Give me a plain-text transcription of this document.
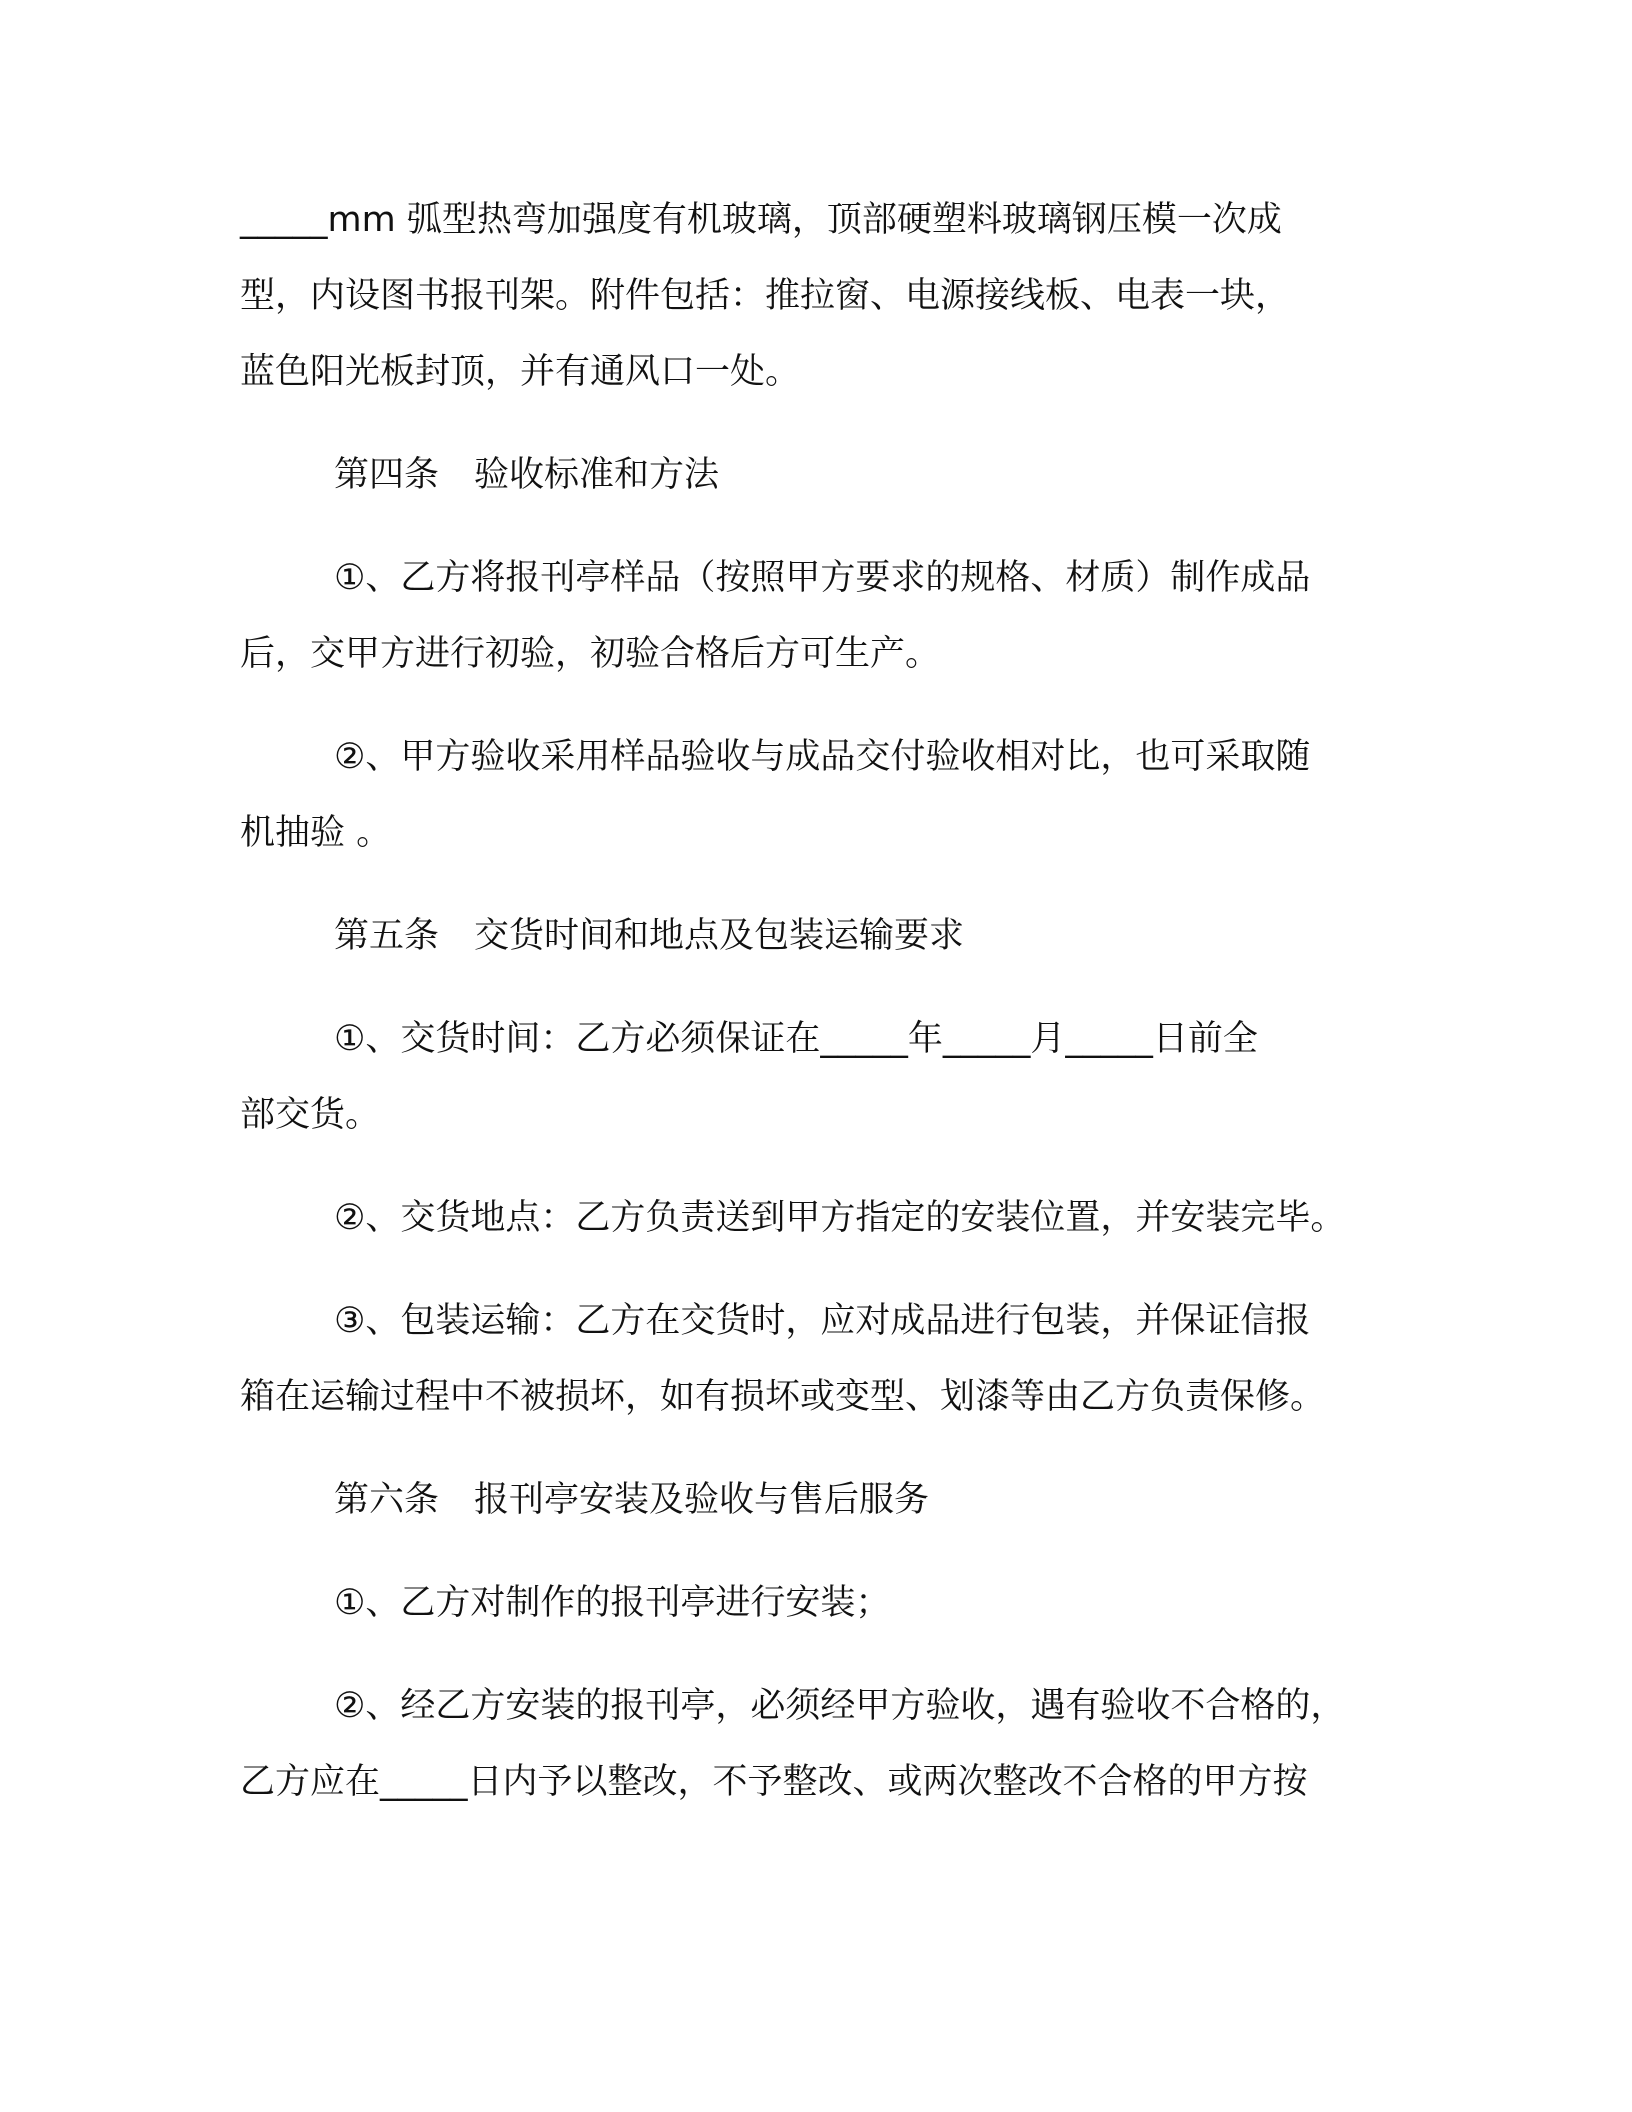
_____mm 弧型热弯加强度有机玻璃，顶部硬塑料玻璃钢压模一次成

型，内设图书报刊架。附件包括：推拉窗、电源接线板、电表一块，

蓝色阳光板封顶，并有通风口一处。

第四条　验收标准和方法

①、乙方将报刊亭样品（按照甲方要求的规格、材质）制作成品

后，交甲方进行初验，初验合格后方可生产。

②、甲方验收采用样品验收与成品交付验收相对比，也可采取随

机抽验 。

第五条　交货时间和地点及包装运输要求

①、交货时间：乙方必须保证在_____年_____月_____日前全

部交货。

②、交货地点：乙方负责送到甲方指定的安装位置，并安装完毕。

③、包装运输：乙方在交货时，应对成品进行包装，并保证信报

箱在运输过程中不被损坏，如有损坏或变型、划漆等由乙方负责保修。

第六条　报刊亭安装及验收与售后服务

①、乙方对制作的报刊亭进行安装；

②、经乙方安装的报刊亭，必须经甲方验收，遇有验收不合格的，

乙方应在_____日内予以整改，不予整改、或两次整改不合格的甲方按
